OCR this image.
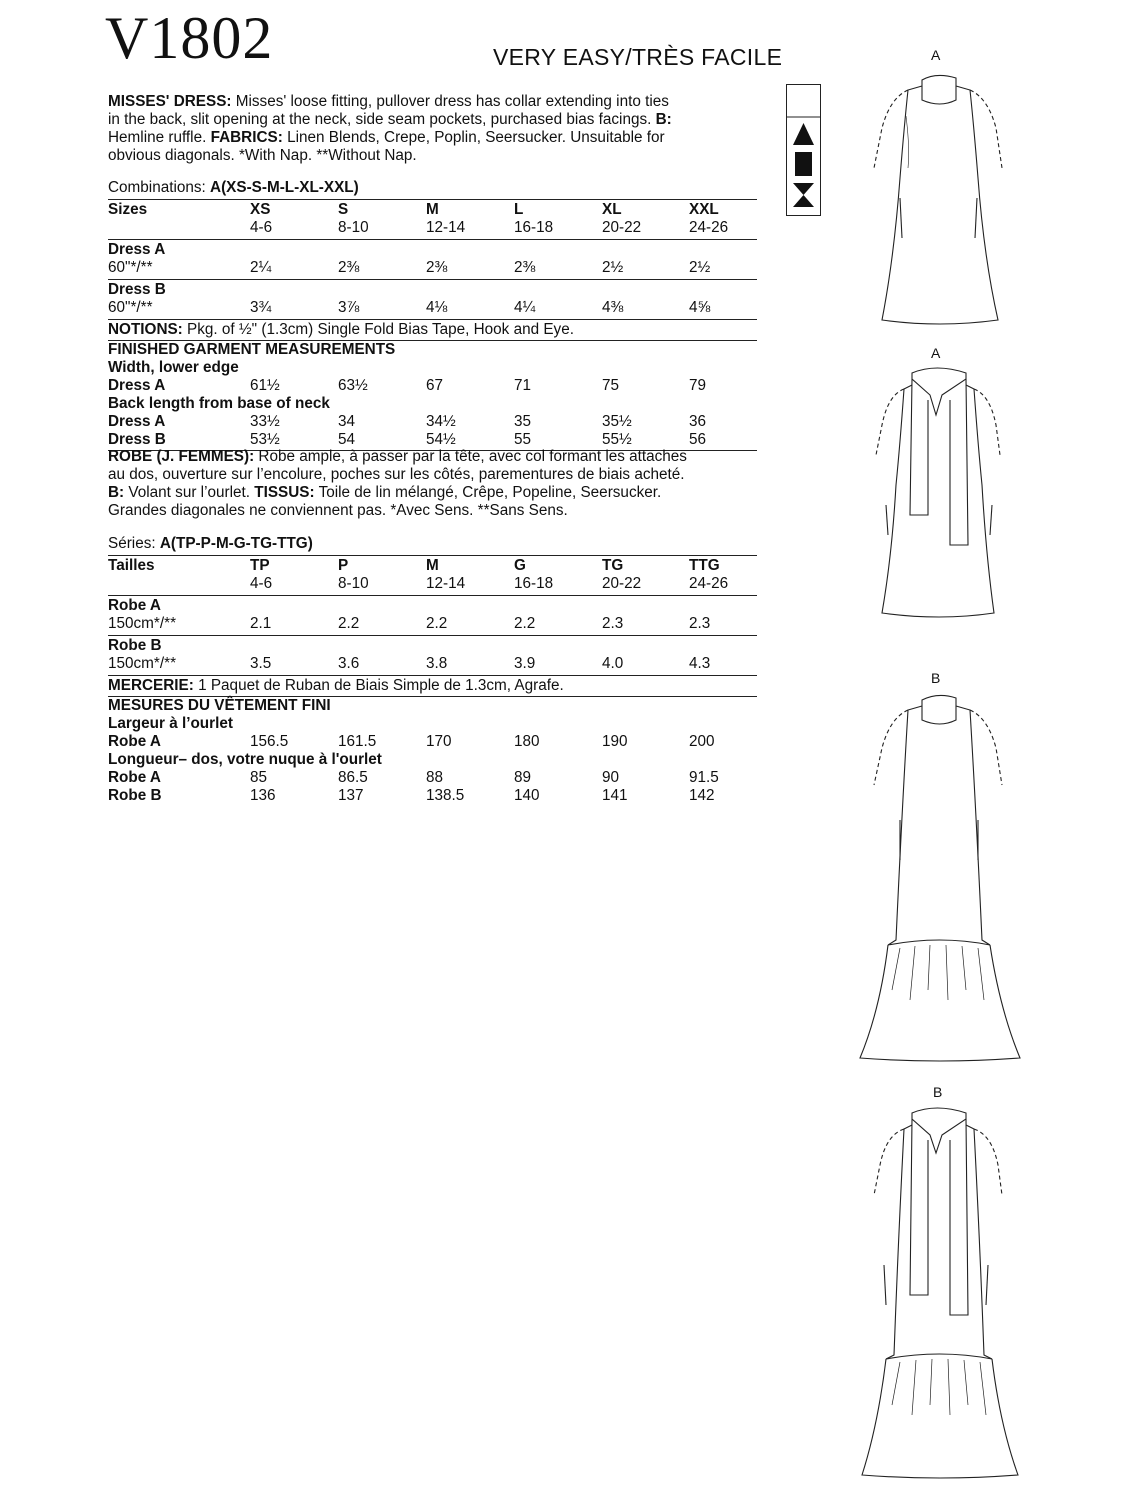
V1802	VERY EASY/TRÈS FACILE
MISSES' DRESS: Misses' loose fitting, pullover dress has collar extending into ties
in the back, slit opening at the neck, side seam pockets, purchased bias facings. B:
Hemline ruffle. FABRICS: Linen Blends, Crepe, Poplin, Seersucker. Unsuitable for
obvious diagonals. *With Nap. **Without Nap.
Combinations: A(XS-S-M-L-XL-XXL)
Sizes	XS	S	M	L	XL	XXL
4-6	8-10	12-14	16-18	20-22	24-26
Dress A
60"*/**	2¼	2⅜	2⅜	2⅜	2½	2½
Dress B
60"*/**	3¾	3⅞	4⅛	4¼	4⅜	4⅝
NOTIONS: Pkg. of ½" (1.3cm) Single Fold Bias Tape, Hook and Eye.
FINISHED GARMENT MEASUREMENTS
Width, lower edge
Dress A	61½	63½	67	71	75	79
Back length from base of neck
Dress A	33½	34	34½	35	35½	36
Dress B	53½	54	54½	55	55½	56
ROBE (J. FEMMES): Robe ample, à passer par la tête, avec col formant les attaches
au dos, ouverture sur l’encolure, poches sur les côtés, parementures de biais acheté.
B: Volant sur l’ourlet. TISSUS: Toile de lin mélangé, Crêpe, Popeline, Seersucker.
Grandes diagonales ne conviennent pas. *Avec Sens. **Sans Sens.
Séries: A(TP-P-M-G-TG-TTG)
Tailles	TP	P	M	G	TG	TTG
4-6	8-10	12-14	16-18	20-22	24-26
Robe A
150cm*/**	2.1	2.2	2.2	2.2	2.3	2.3
Robe B
150cm*/**	3.5	3.6	3.8	3.9	4.0	4.3
MERCERIE: 1 Paquet de Ruban de Biais Simple de 1.3cm, Agrafe.
MESURES DU VÊTEMENT FINI
Largeur à l’ourlet
Robe A	156.5	161.5	170	180	190	200
Longueur– dos, votre nuque à l'ourlet
Robe A	85	86.5	88	89	90	91.5
Robe B	136	137	138.5	140	141	142
A
A
B
B
